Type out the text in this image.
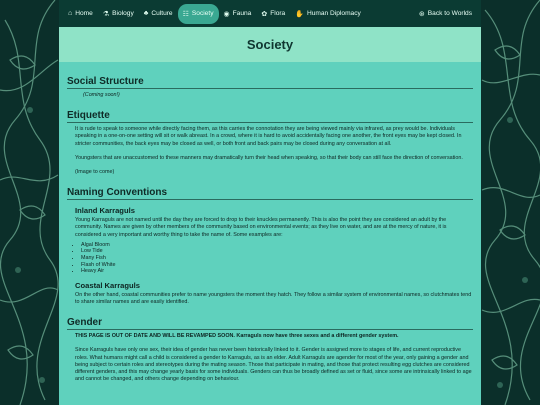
⌂ Home ⚗ Biology ♣ Culture ☷ Society ◉ Fauna ✿ Flora ✋ Human Diplomacy	⊛ Back to Worlds
Society
Social Structure

(Coming soon!)

Etiquette

It is rude to speak to someone while directly facing them, as this carries the connotation they are being viewed mainly via infrared, as prey would be. Individuals speaking in a one-on-one setting will sit or walk abreast. In a crowd, where it is hard to avoid accidentally facing one another, the front eyes may be kept closed. In stricter communities, the back eyes may be closed as well, or both front and back pairs may be closed during any conversation at all.

Youngsters that are unaccustomed to these manners may dramatically turn their head when speaking, so that their body can still face the direction of conversation.

(Image to come)

Naming Conventions
Inland Karraguls

Young Karraguls are not named until the day they are forced to drop to their knuckles permanently. This is also the point they are considered an adult by the community. Names are given by other members of the community based on environmental events; as they live on water, and are at the mercy of nature, it is considered a very important and worthy thing to take the name of. Some examples are:

• Algal Bloom
• Low Tide
• Many Fish
• Flash of White
• Heavy Air
Coastal Karraguls

On the other hand, coastal communities prefer to name youngsters the moment they hatch. They follow a similar system of environmental names, so clutchmates tend to share similar names and are easily identified.

Gender

THIS PAGE IS OUT OF DATE AND WILL BE REVAMPED SOON. Karraguls now have three sexes and a different gender system.

Since Karraguls have only one sex, their idea of gender has never been historically linked to it. Gender is assigned more to stages of life, and current reproductive roles. What humans might call a child is considered a gender to Karraguls, as is an elder. Adult Karraguls are agender for most of the year, only gaining a gender and being subject to certain roles and stereotypes during the mating season. Those that participate in mating, and those that protect resulting egg clutches are considered different genders, and this may change yearly basis for some individuals. Genders can thus be broadly defined as set or fluid, since some are intrinsically linked to age and cannot be changed, and others change depending on behaviour.
